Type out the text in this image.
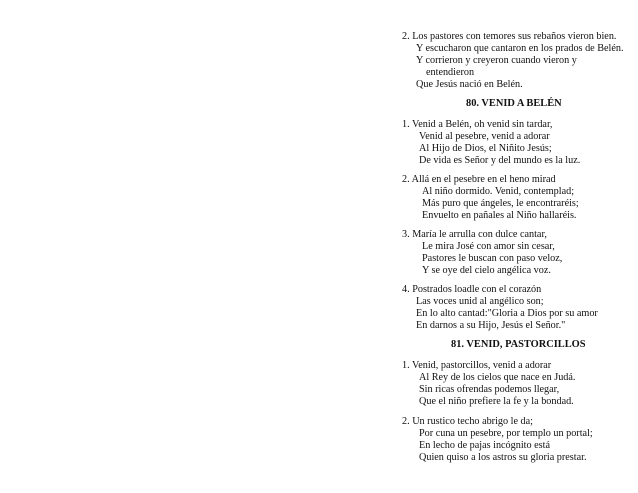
2. Los pastores con temores sus rebaños vieron bien.
Y escucharon que cantaron en los prados de Belén.
Y corrieron y creyeron cuando vieron y
entendieron
Que Jesús nació en Belén.
80. VENID A BELÉN
1. Venid a Belén, oh venid sin tardar,
Venid al pesebre, venid a adorar
Al Hijo de Dios, el Niñito Jesús;
De vida es Señor y del mundo es la luz.
2. Allá en el pesebre en el heno mirad
Al niño dormido. Venid, contemplad;
Más puro que ángeles, le encontraréis;
Envuelto en pañales al Niño hallaréis.
3. María le arrulla con dulce cantar,
Le mira José con amor sin cesar,
Pastores le buscan con paso veloz,
Y se oye del cielo angélica voz.
4. Postrados loadle con el corazón
Las voces unid al angélico son;
En lo alto cantad:"Gloria a Dios por su amor
En darnos a su Hijo, Jesús el Señor."
81. VENID, PASTORCILLOS
1. Venid, pastorcillos, venid a adorar
Al Rey de los cielos que nace en Judá.
Sin ricas ofrendas podemos llegar,
Que el niño prefiere la fe y la bondad.
2. Un rustico techo abrigo le da;
Por cuna un pesebre, por templo un portal;
En lecho de pajas incógnito está
Quien quiso a los astros su gloria prestar.
